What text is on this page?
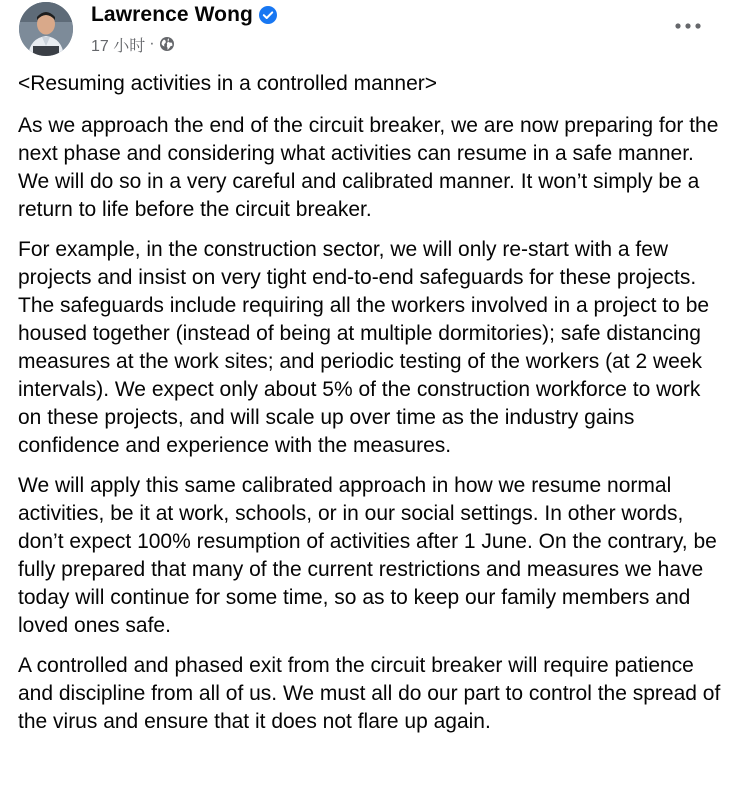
Lawrence Wong
17 小时 ·

<Resuming activities in a controlled manner>

As we approach the end of the circuit breaker, we are now preparing for the next phase and considering what activities can resume in a safe manner. We will do so in a very careful and calibrated manner. It won’t simply be a return to life before the circuit breaker.

For example, in the construction sector, we will only re-start with a few projects and insist on very tight end-to-end safeguards for these projects. The safeguards include requiring all the workers involved in a project to be housed together (instead of being at multiple dormitories); safe distancing measures at the work sites; and periodic testing of the workers (at 2 week intervals). We expect only about 5% of the construction workforce to work on these projects, and will scale up over time as the industry gains confidence and experience with the measures.

We will apply this same calibrated approach in how we resume normal activities, be it at work, schools, or in our social settings. In other words, don’t expect 100% resumption of activities after 1 June. On the contrary, be fully prepared that many of the current restrictions and measures we have today will continue for some time, so as to keep our family members and loved ones safe.

A controlled and phased exit from the circuit breaker will require patience and discipline from all of us. We must all do our part to control the spread of the virus and ensure that it does not flare up again.
